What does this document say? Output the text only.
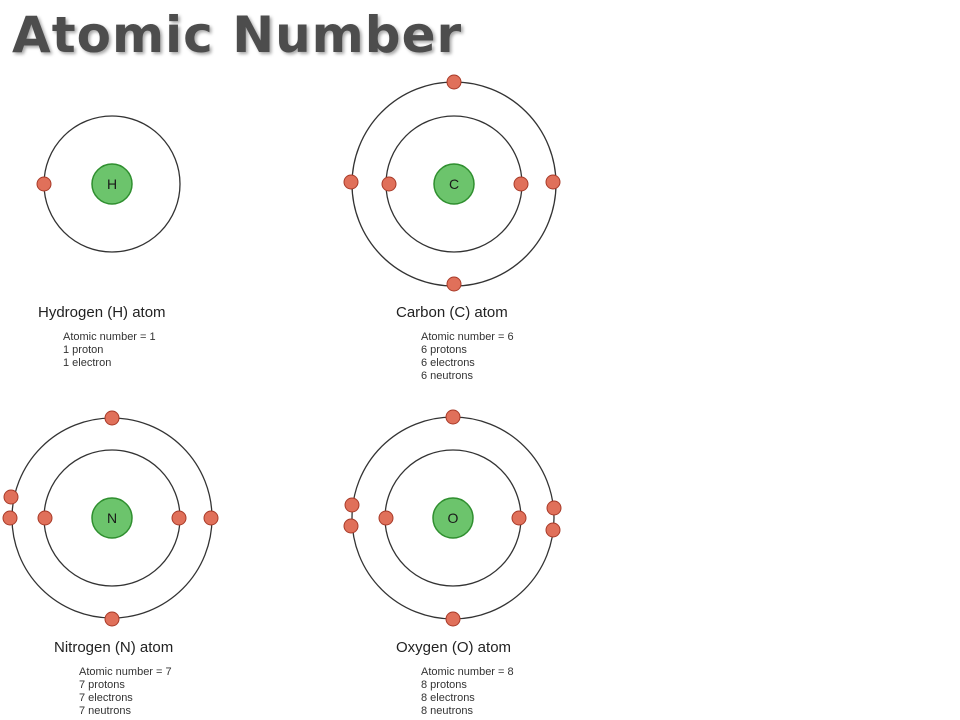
Atomic Number
H	C
N	O

Hydrogen (H) atom

Atomic number = 1
1 proton
1 electron

Carbon (C) atom

Atomic number = 6
6 protons
6 electrons
6 neutrons

Nitrogen (N) atom

Atomic number = 7
7 protons
7 electrons
7 neutrons

Oxygen (O) atom

Atomic number = 8
8 protons
8 electrons
8 neutrons
